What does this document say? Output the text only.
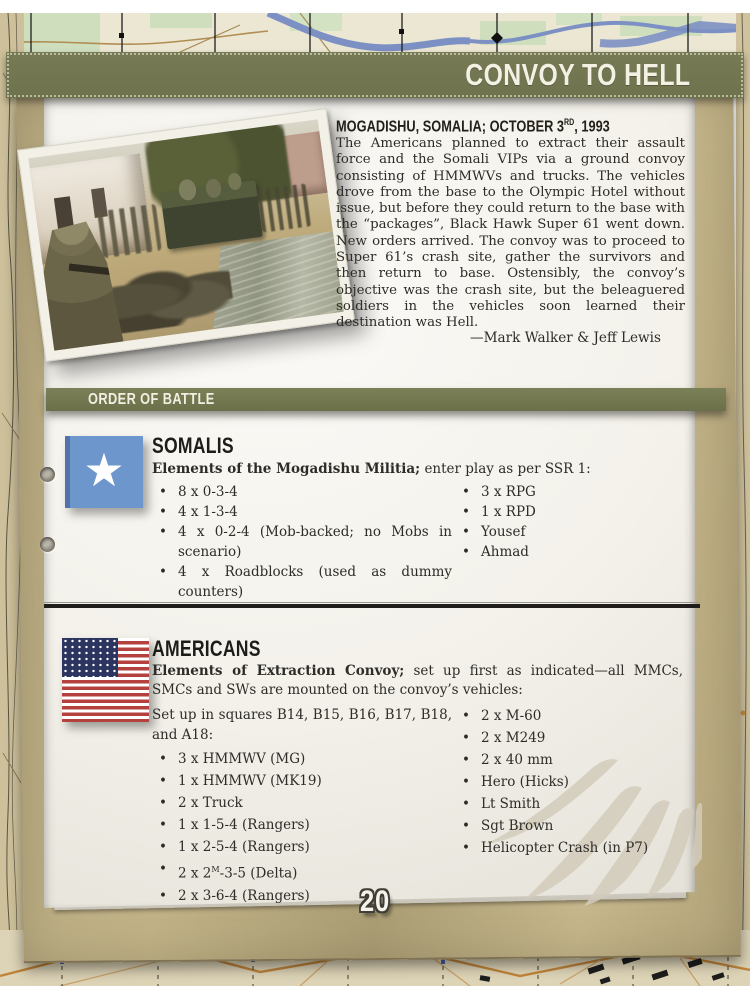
CONVOY TO HELL
MOGADISHU, SOMALIA; OCTOBER 3RD, 1993
The Americans planned to extract their assault force and the Somali VIPs via a ground convoy consisting of HMMWVs and trucks. The vehicles drove from the base to the Olympic Hotel without issue, but before they could return to the base with the “packages”, Black Hawk Super 61 went down. New orders arrived. The convoy was to proceed to Super 61’s crash site, gather the survivors and then return to base. Ostensibly, the convoy’s objective was the crash site, but the beleaguered soldiers in the vehicles soon learned their destination was Hell.
—Mark Walker & Jeff Lewis
ORDER OF BATTLE
★ SOMALIS
Elements of the Mogadishu Militia; enter play as per SSR 1:
• 8 x 0-3-4
• 4 x 1-3-4
• 4 x 0-2-4 (Mob-backed; no Mobs in scenario)
• 4 x Roadblocks (used as dummy counters)
• 3 x RPG
• 1 x RPD
• Yousef
• Ahmad
AMERICANS
Elements of Extraction Convoy; set up first as indicated—all MMCs, SMCs and SWs are mounted on the convoy’s vehicles:
Set up in squares B14, B15, B16, B17, B18, and A18:
• 3 x HMMWV (MG)
• 1 x HMMWV (MK19)
• 2 x Truck
• 1 x 1-5-4 (Rangers)
• 1 x 2-5-4 (Rangers)
• 2 x $2^M-3-5$ (Delta)
• 2 x 3-6-4 (Rangers)
• 2 x M-60
• 2 x M249
• 2 x 40 mm
• Hero (Hicks)
• Lt Smith
• Sgt Brown
• Helicopter Crash (in P7)
20
